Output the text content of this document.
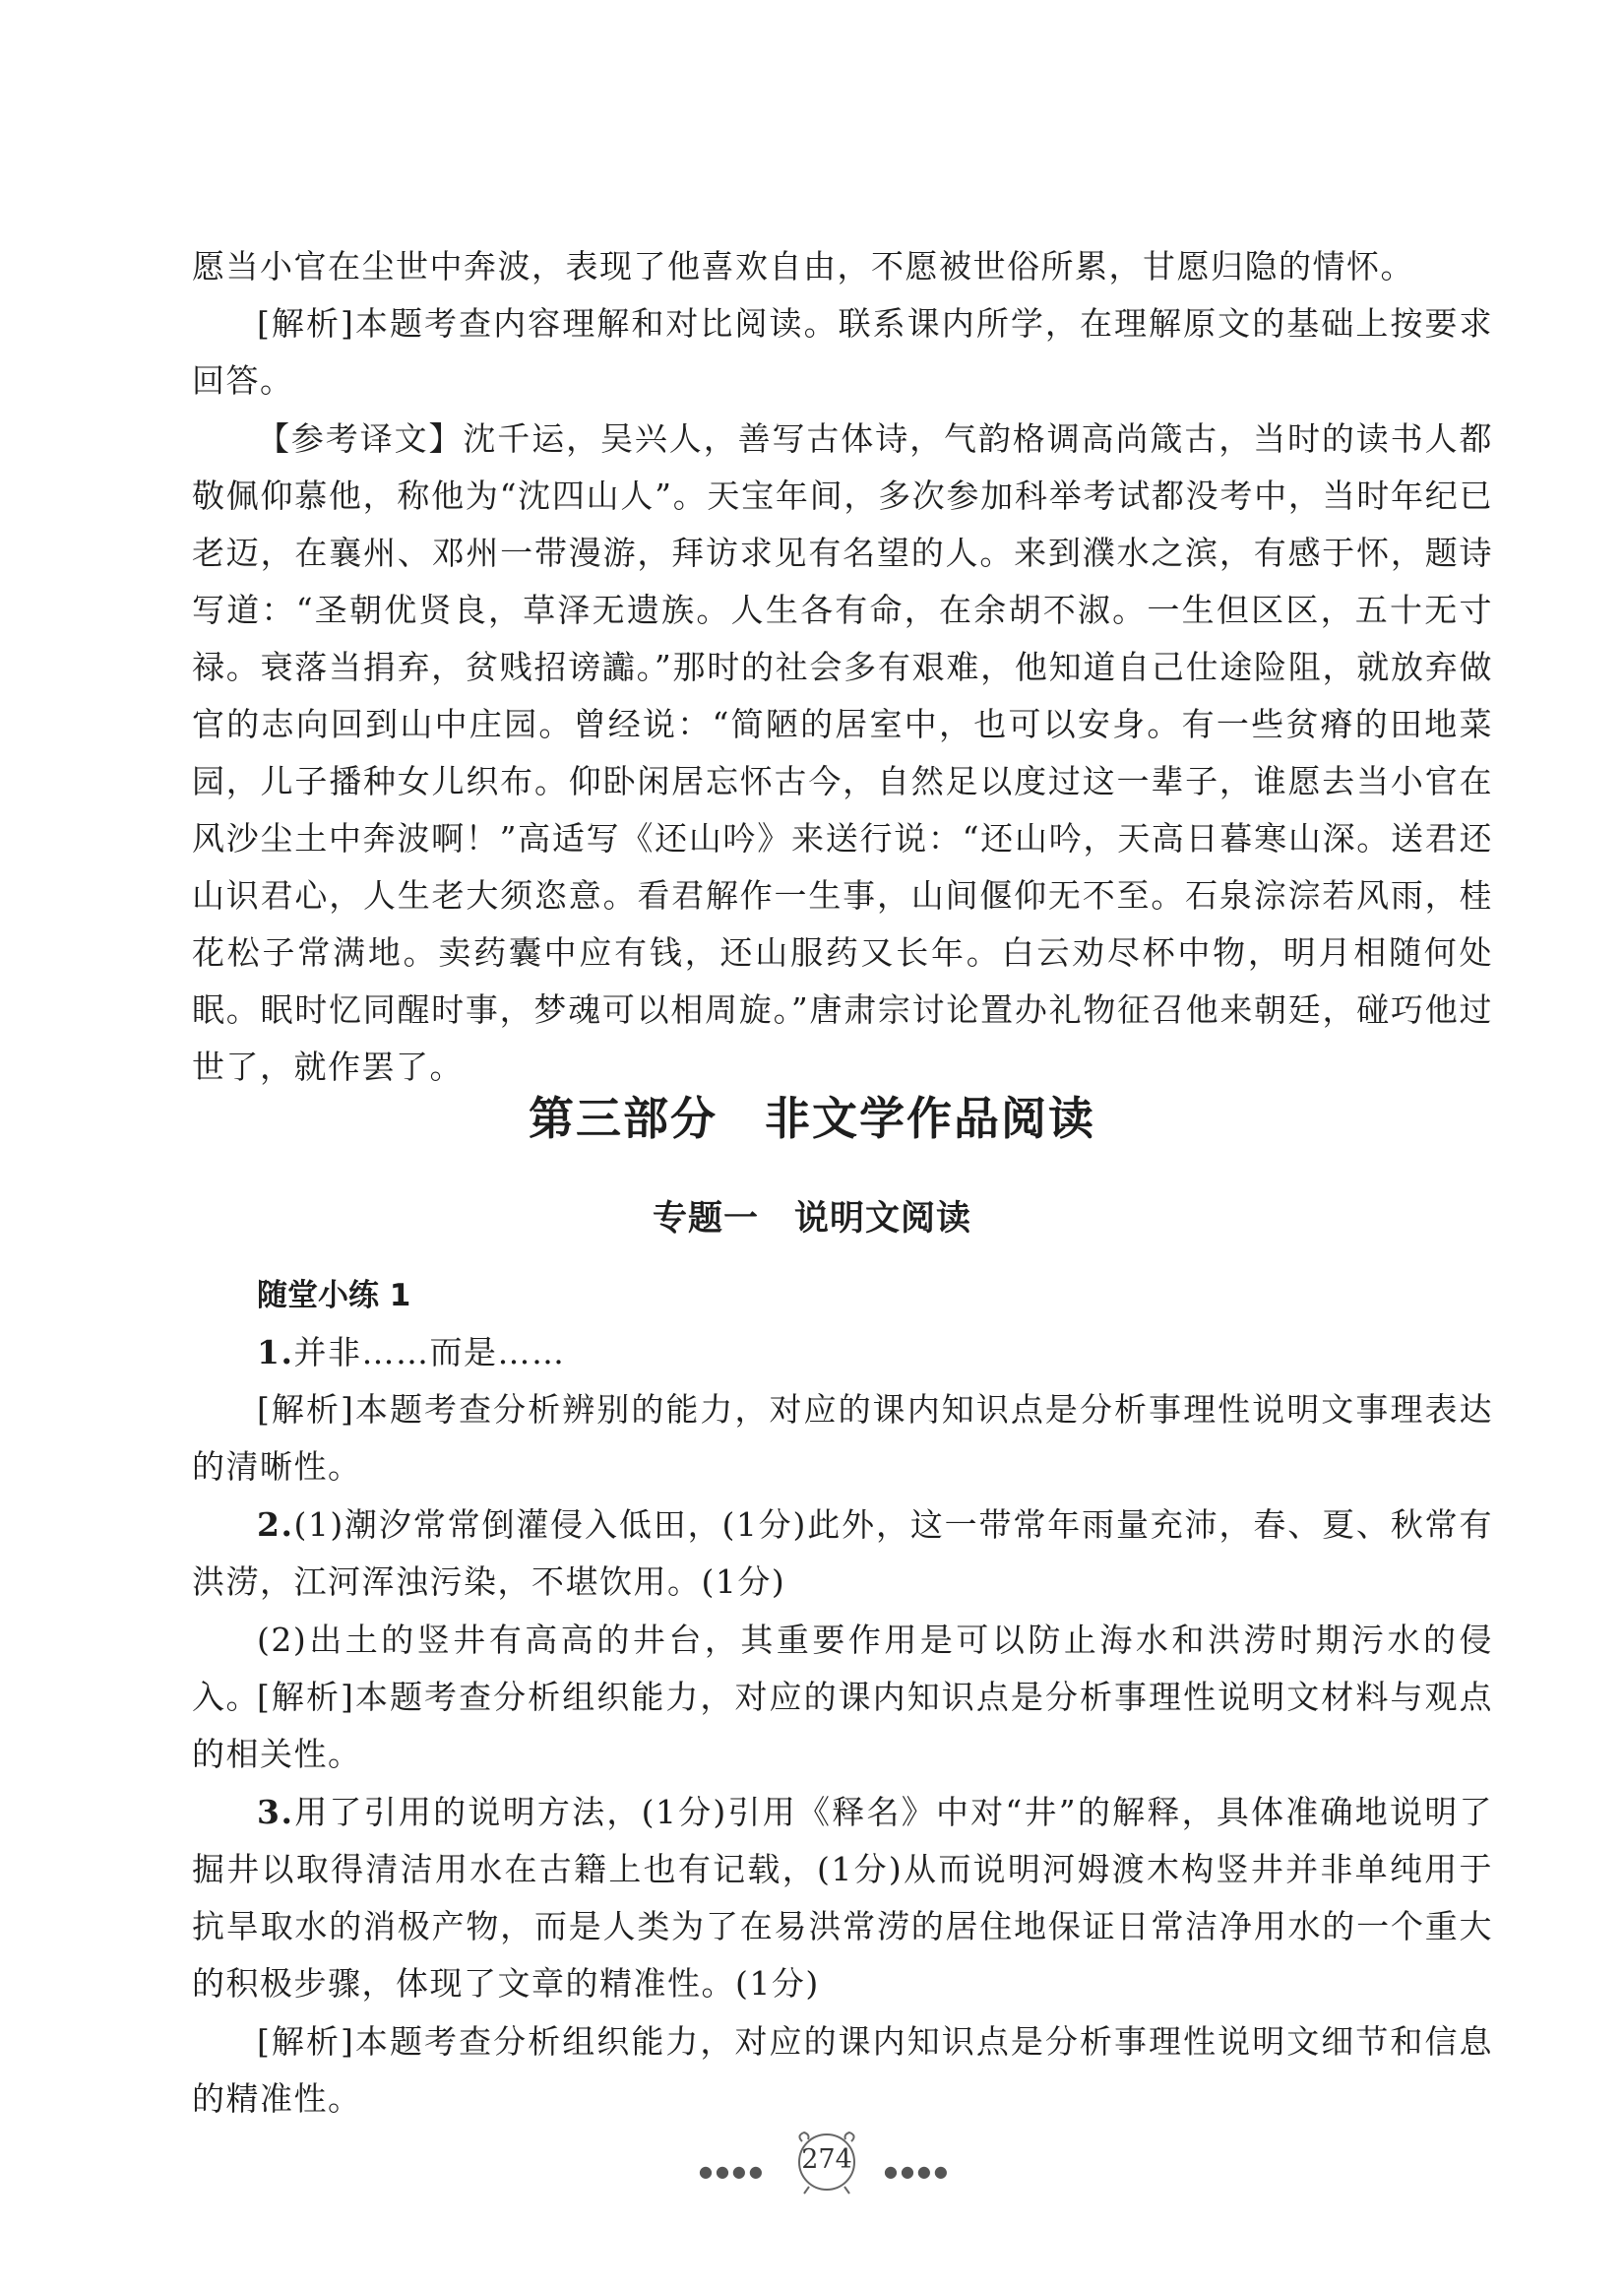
愿当小官在尘世中奔波，表现了他喜欢自由，不愿被世俗所累，甘愿归隐的情怀。

[解析]本题考查内容理解和对比阅读。联系课内所学，在理解原文的基础上按要求回答。

【参考译文】沈千运，吴兴人，善写古体诗，气韵格调高尚箴古，当时的读书人都敬佩仰慕他，称他为“沈四山人”。天宝年间，多次参加科举考试都没考中，当时年纪已老迈，在襄州、邓州一带漫游，拜访求见有名望的人。来到濮水之滨，有感于怀，题诗写道：“圣朝优贤良，草泽无遗族。人生各有命，在余胡不淑。一生但区区，五十无寸禄。衰落当捐弃，贫贱招谤讟。”那时的社会多有艰难，他知道自己仕途险阻，就放弃做官的志向回到山中庄园。曾经说：“简陋的居室中，也可以安身。有一些贫瘠的田地菜园，儿子播种女儿织布。仰卧闲居忘怀古今，自然足以度过这一辈子，谁愿去当小官在风沙尘土中奔波啊！”高适写《还山吟》来送行说：“还山吟，天高日暮寒山深。送君还山识君心，人生老大须恣意。看君解作一生事，山间偃仰无不至。石泉淙淙若风雨，桂花松子常满地。卖药囊中应有钱，还山服药又长年。白云劝尽杯中物，明月相随何处眠。眠时忆同醒时事，梦魂可以相周旋。”唐肃宗讨论置办礼物征召他来朝廷，碰巧他过世了，就作罢了。

第三部分　非文学作品阅读
专题一　说明文阅读
随堂小练 1

1.并非……而是……

[解析]本题考查分析辨别的能力，对应的课内知识点是分析事理性说明文事理表达的清晰性。

2.(1)潮汐常常倒灌侵入低田，(1分)此外，这一带常年雨量充沛，春、夏、秋常有洪涝，江河浑浊污染，不堪饮用。(1分)

(2)出土的竖井有高高的井台，其重要作用是可以防止海水和洪涝时期污水的侵入。

[解析]本题考查分析组织能力，对应的课内知识点是分析事理性说明文材料与观点的相关性。

3.用了引用的说明方法，(1分)引用《释名》中对“井”的解释，具体准确地说明了掘井以取得清洁用水在古籍上也有记载，(1分)从而说明河姆渡木构竖井并非单纯用于抗旱取水的消极产物，而是人类为了在易洪常涝的居住地保证日常洁净用水的一个重大的积极步骤，体现了文章的精准性。(1分)

[解析]本题考查分析组织能力，对应的课内知识点是分析事理性说明文细节和信息的精准性。

●●●●	274	●●●●
